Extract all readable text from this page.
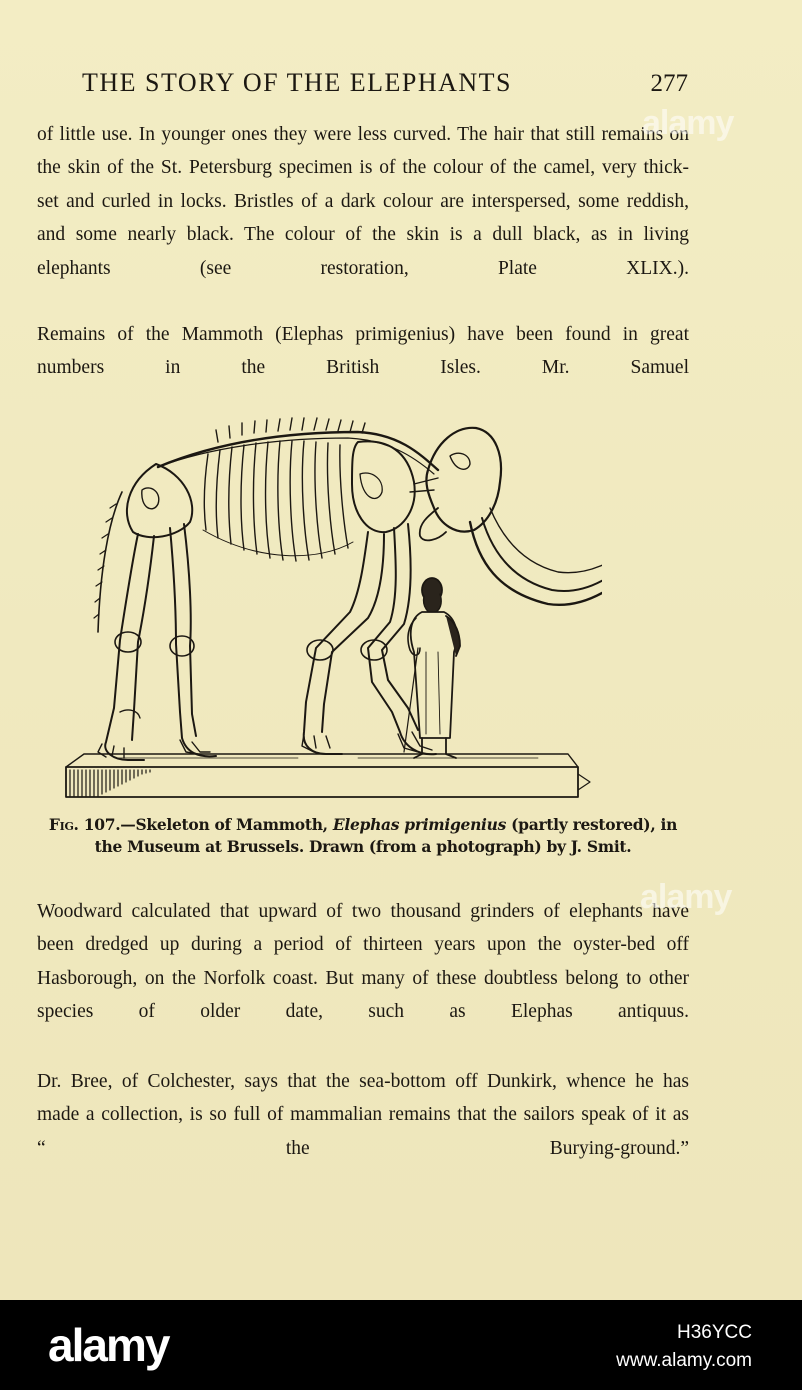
THE STORY OF THE ELEPHANTS	277

of little use. In younger ones they were less curved. The hair that still remains on the skin of the St. Petersburg specimen is of the colour of the camel, very thick-set and curled in locks. Bristles of a dark colour are interspersed, some reddish, and some nearly black. The colour of the skin is a dull black, as in living elephants (see restoration, Plate XLIX.).

Remains of the Mammoth (Elephas primigenius) have been found in great numbers in the British Isles. Mr. Samuel

Fig. 107.—Skeleton of Mammoth, Elephas primigenius (partly restored), in the Museum at Brussels. Drawn (from a photograph) by J. Smit.

Woodward calculated that upward of two thousand grinders of elephants have been dredged up during a period of thirteen years upon the oyster-bed off Hasborough, on the Norfolk coast. But many of these doubtless belong to other species of older date, such as Elephas antiquus.

Dr. Bree, of Colchester, says that the sea-bottom off Dunkirk, whence he has made a collection, is so full of mammalian remains that the sailors speak of it as “ the Burying-ground.”

alamy
alamy
alamy	H36YCC
www.alamy.com
